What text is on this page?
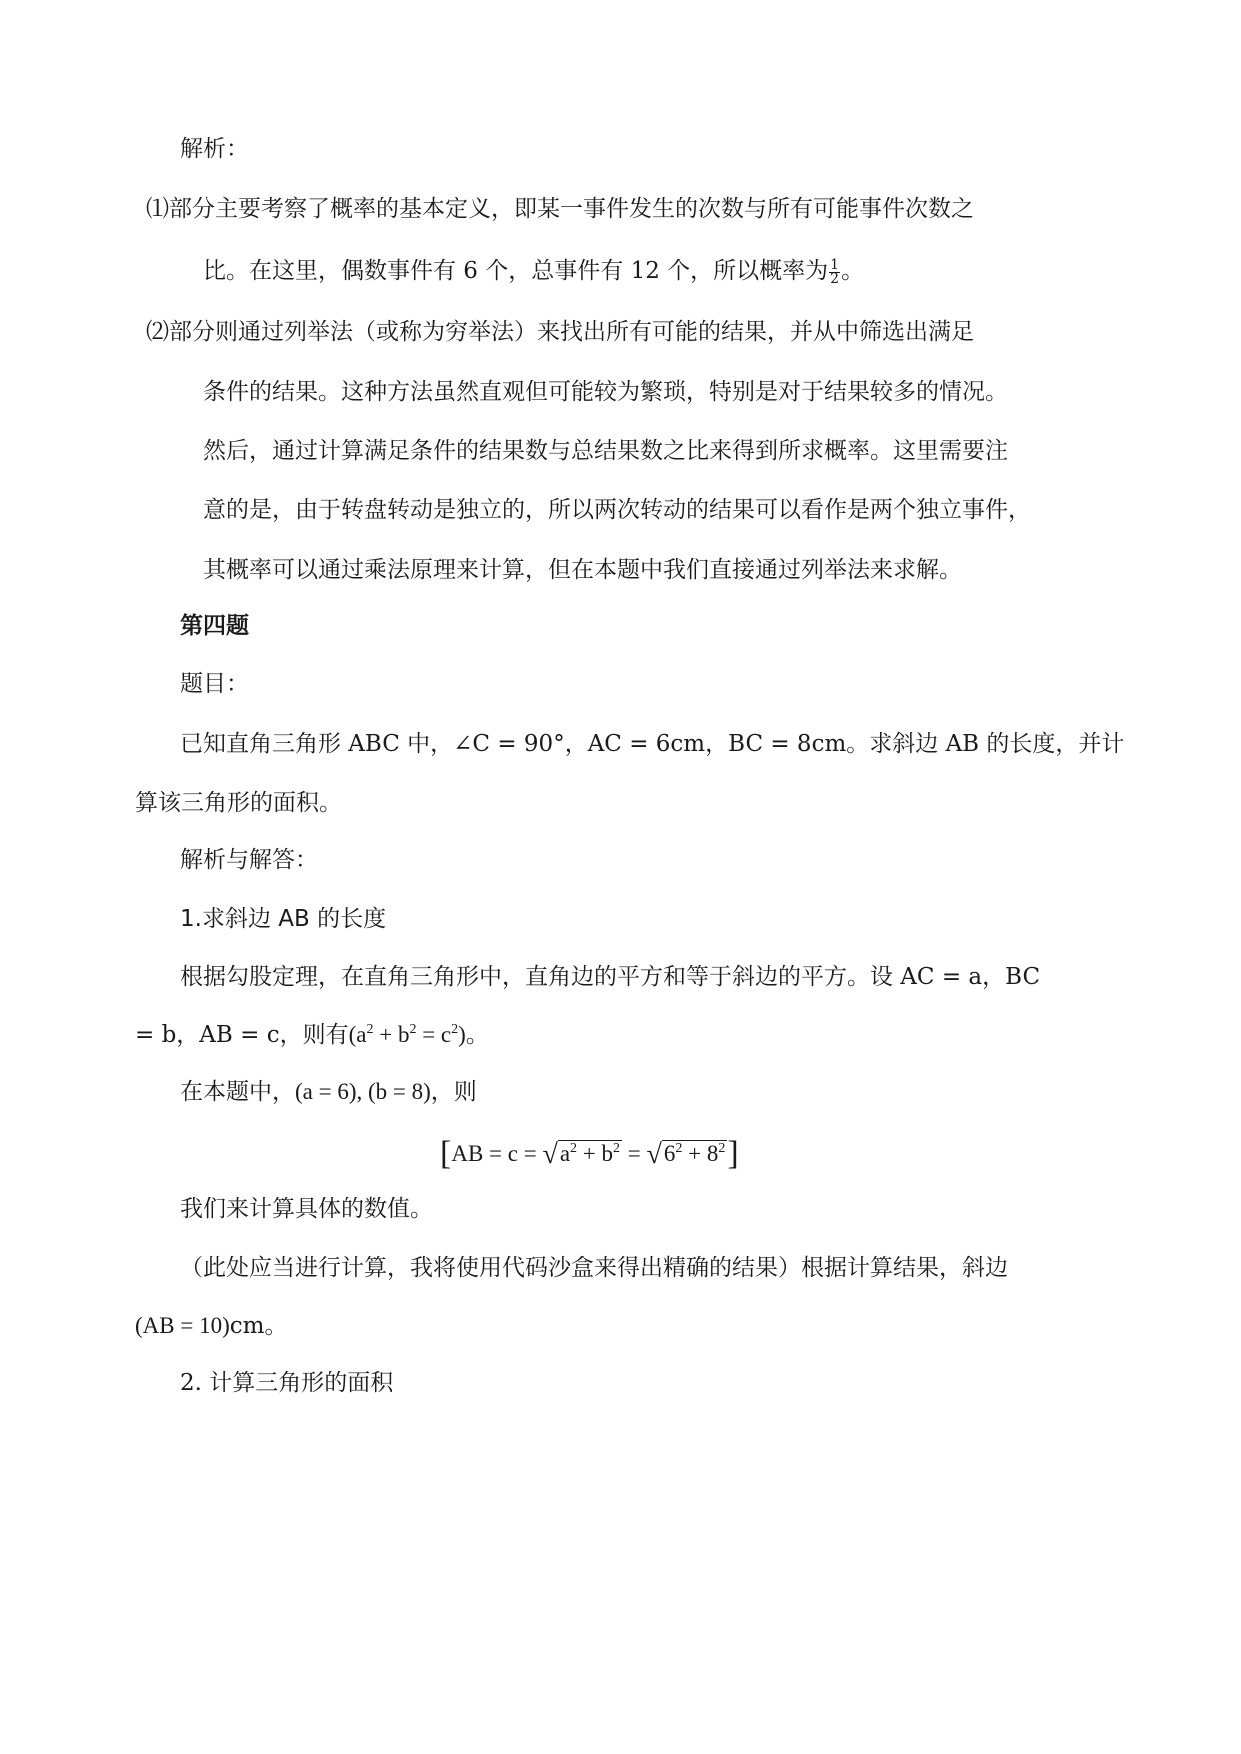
解析：

⑴部分主要考察了概率的基本定义，即某一事件发生的次数与所有可能事件次数之

比。在这里，偶数事件有 6 个，总事件有 12 个，所以概率为 $\frac{1}{2}$ 。

⑵部分则通过列举法（或称为穷举法）来找出所有可能的结果，并从中筛选出满足

条件的结果。这种方法虽然直观但可能较为繁琐，特别是对于结果较多的情况。

然后，通过计算满足条件的结果数与总结果数之比来得到所求概率。这里需要注

意的是，由于转盘转动是独立的，所以两次转动的结果可以看作是两个独立事件，

其概率可以通过乘法原理来计算，但在本题中我们直接通过列举法来求解。

第四题

题目：

已知直角三角形 ABC 中，∠C = 90°，AC = 6cm，BC = 8cm。求斜边 AB 的长度，并计

算该三角形的面积。

解析与解答：

1.求斜边 AB 的长度

根据勾股定理，在直角三角形中，直角边的平方和等于斜边的平方。设 AC = a，BC

= b，AB = c，则有$(a^2 + b^2 = c^2)$。

在本题中，(a = 6), (b = 8)，则

$[AB = c = √a^2 + b^2 = √6^2 + 8^2]$

我们来计算具体的数值。

（此处应当进行计算，我将使用代码沙盒来得出精确的结果）根据计算结果，斜边

(AB = 10)cm。

2. 计算三角形的面积
